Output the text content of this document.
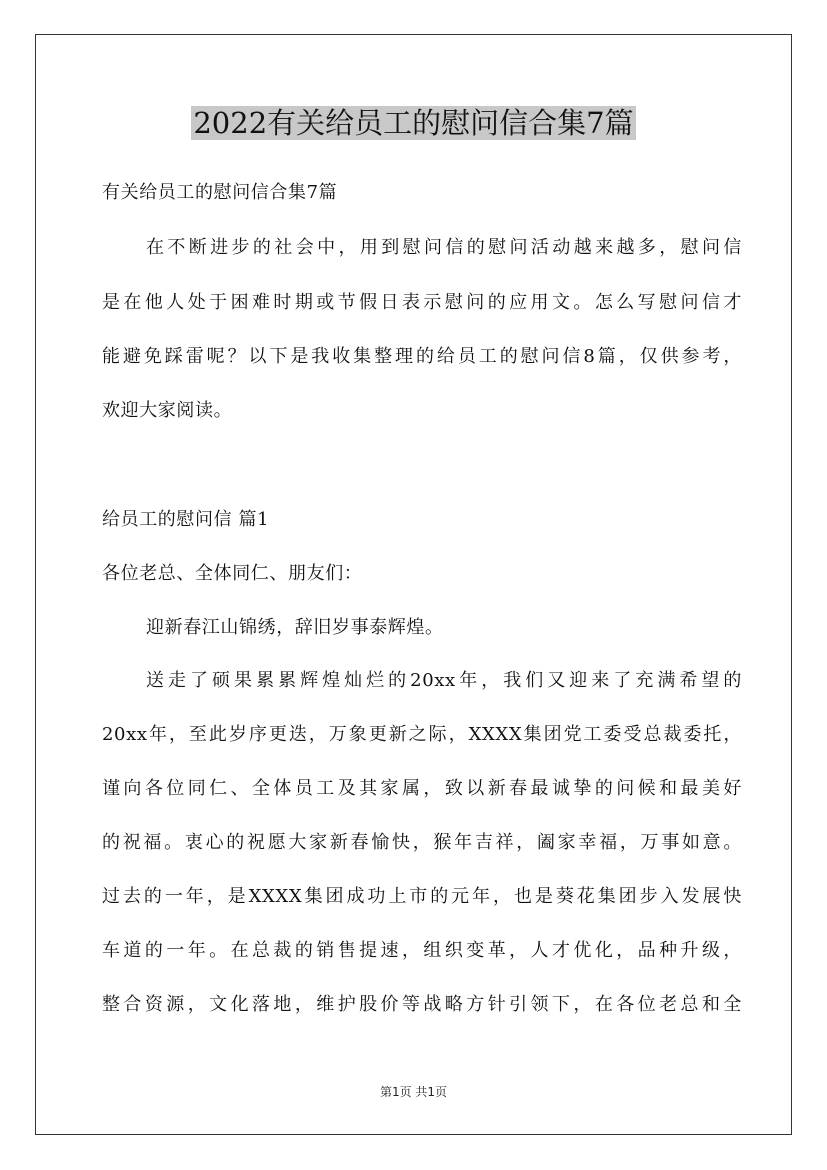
2022有关给员工的慰问信合集7篇

有关给员工的慰问信合集7篇

在不断进步的社会中，用到慰问信的慰问活动越来越多，慰问信

是在他人处于困难时期或节假日表示慰问的应用文。怎么写慰问信才

能避免踩雷呢？以下是我收集整理的给员工的慰问信8篇，仅供参考，

欢迎大家阅读。

给员工的慰问信 篇1

各位老总、全体同仁、朋友们：

迎新春江山锦绣，辞旧岁事泰辉煌。

送走了硕果累累辉煌灿烂的20xx年，我们又迎来了充满希望的

20xx年，至此岁序更迭，万象更新之际，XXXX集团党工委受总裁委托，

谨向各位同仁、全体员工及其家属，致以新春最诚挚的问候和最美好

的祝福。衷心的祝愿大家新春愉快，猴年吉祥，阖家幸福，万事如意。

过去的一年，是XXXX集团成功上市的元年，也是葵花集团步入发展快

车道的一年。在总裁的销售提速，组织变革，人才优化，品种升级，

整合资源，文化落地，维护股价等战略方针引领下，在各位老总和全

第1页 共1页
